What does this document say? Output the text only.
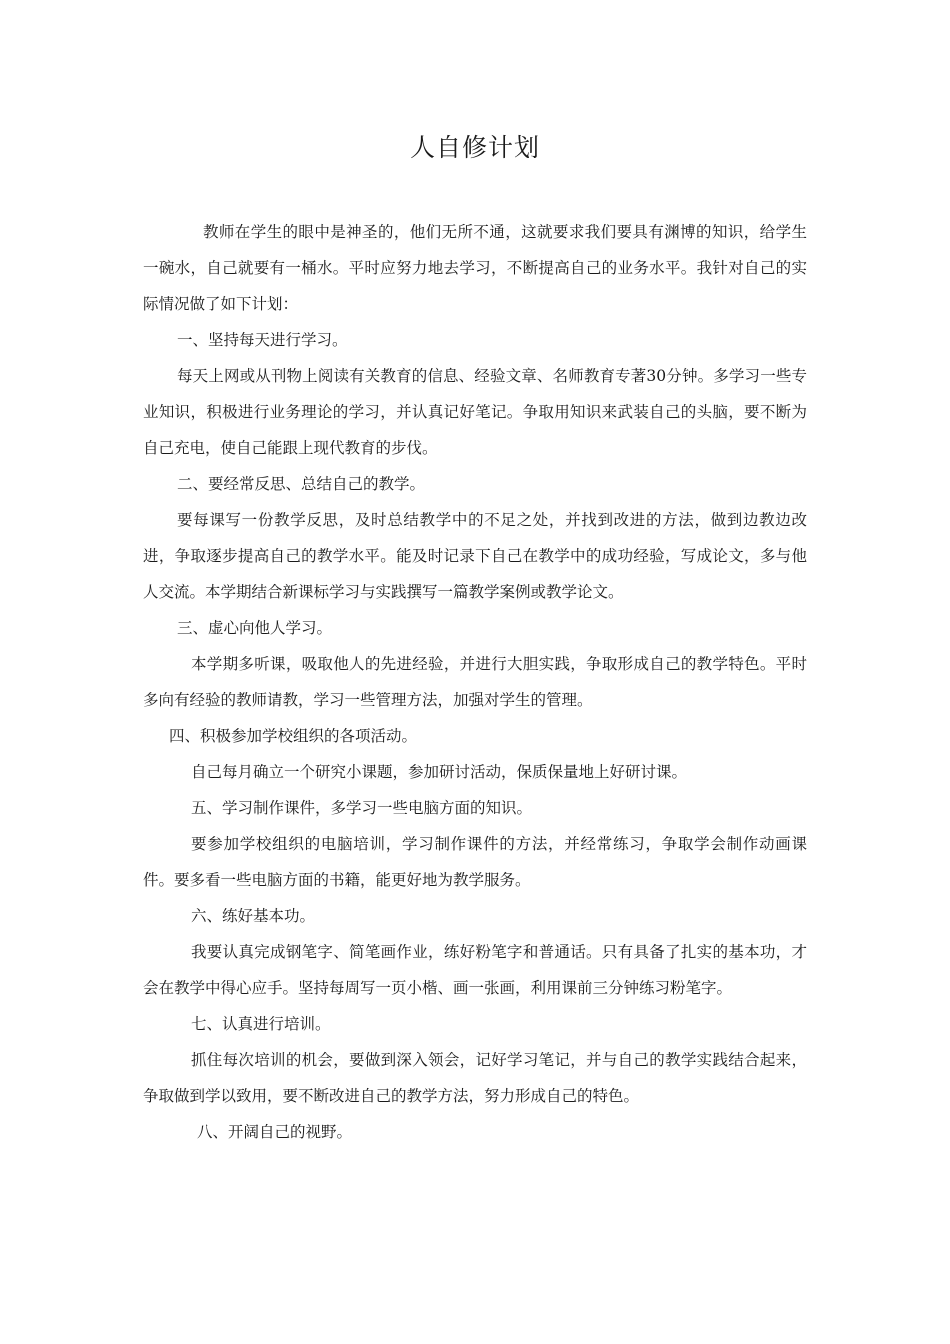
人自修计划

教师在学生的眼中是神圣的，他们无所不通，这就要求我们要具有渊博的知识，给学生一碗水，自己就要有一桶水。平时应努力地去学习，不断提高自己的业务水平。我针对自己的实际情况做了如下计划：

一、坚持每天进行学习。

每天上网或从刊物上阅读有关教育的信息、经验文章、名师教育专著30分钟。多学习一些专业知识，积极进行业务理论的学习，并认真记好笔记。争取用知识来武装自己的头脑，要不断为自己充电，使自己能跟上现代教育的步伐。

二、要经常反思、总结自己的教学。

要每课写一份教学反思，及时总结教学中的不足之处，并找到改进的方法，做到边教边改进，争取逐步提高自己的教学水平。能及时记录下自己在教学中的成功经验，写成论文，多与他人交流。本学期结合新课标学习与实践撰写一篇教学案例或教学论文。

三、虚心向他人学习。

本学期多听课，吸取他人的先进经验，并进行大胆实践，争取形成自己的教学特色。平时多向有经验的教师请教，学习一些管理方法，加强对学生的管理。

四、积极参加学校组织的各项活动。

自己每月确立一个研究小课题，参加研讨活动，保质保量地上好研讨课。

五、学习制作课件，多学习一些电脑方面的知识。

要参加学校组织的电脑培训，学习制作课件的方法，并经常练习，争取学会制作动画课件。要多看一些电脑方面的书籍，能更好地为教学服务。

六、练好基本功。

我要认真完成钢笔字、简笔画作业，练好粉笔字和普通话。只有具备了扎实的基本功，才会在教学中得心应手。坚持每周写一页小楷、画一张画，利用课前三分钟练习粉笔字。

七、认真进行培训。

抓住每次培训的机会，要做到深入领会，记好学习笔记，并与自己的教学实践结合起来，争取做到学以致用，要不断改进自己的教学方法，努力形成自己的特色。

八、开阔自己的视野。
